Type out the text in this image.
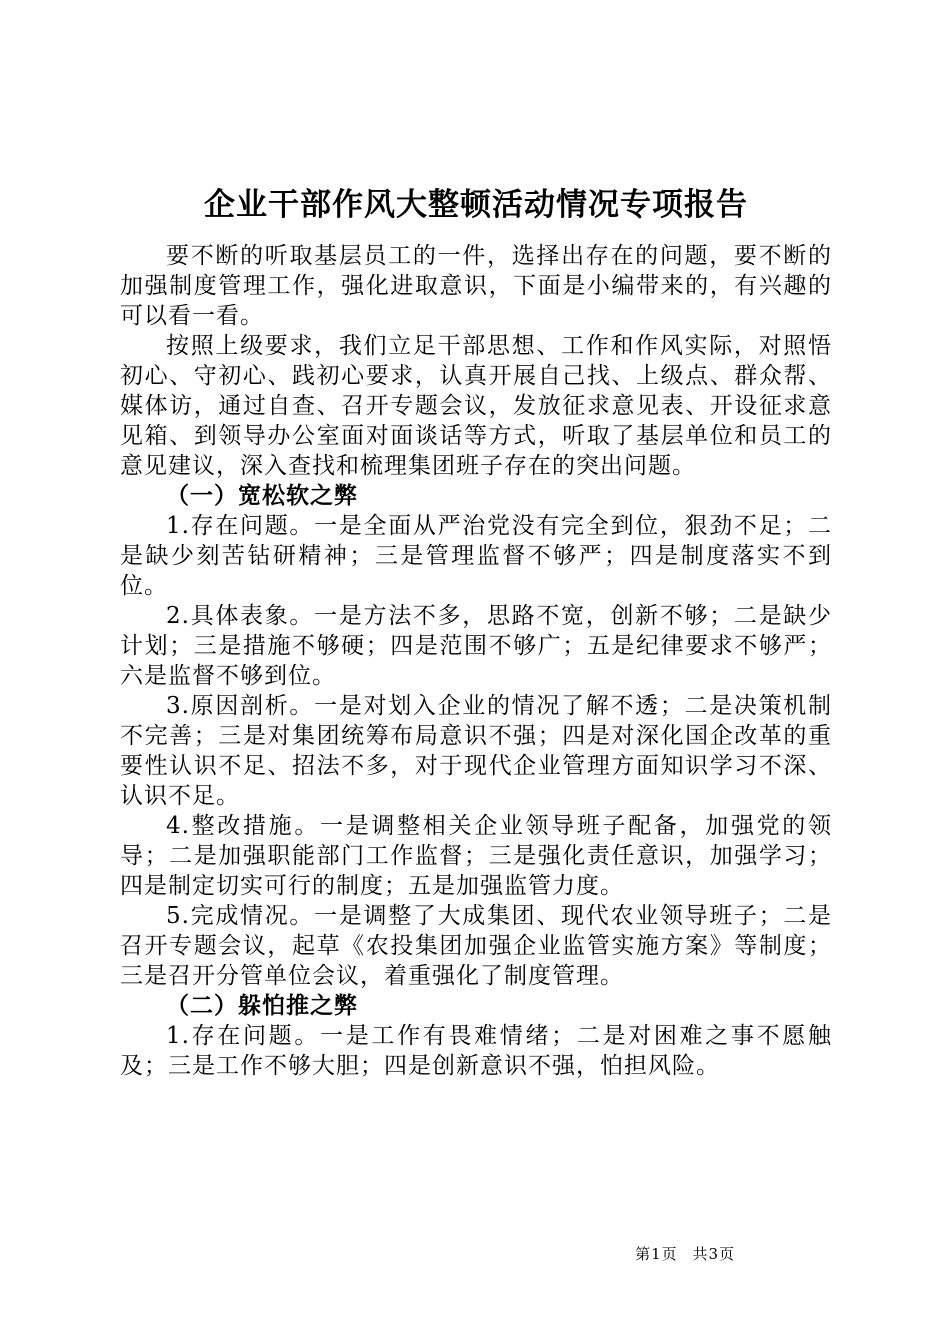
企业干部作风大整顿活动情况专项报告

要不断的听取基层员工的一件，选择出存在的问题，要不断的加强制度管理工作，强化进取意识，下面是小编带来的，有兴趣的可以看一看。

按照上级要求，我们立足干部思想、工作和作风实际，对照悟初心、守初心、践初心要求，认真开展自己找、上级点、群众帮、媒体访，通过自查、召开专题会议，发放征求意见表、开设征求意见箱、到领导办公室面对面谈话等方式，听取了基层单位和员工的意见建议，深入查找和梳理集团班子存在的突出问题。

（一）宽松软之弊

1.存在问题。一是全面从严治党没有完全到位，狠劲不足；二是缺少刻苦钻研精神；三是管理监督不够严；四是制度落实不到位。

2.具体表象。一是方法不多，思路不宽，创新不够；二是缺少计划；三是措施不够硬；四是范围不够广；五是纪律要求不够严；六是监督不够到位。

3.原因剖析。一是对划入企业的情况了解不透；二是决策机制不完善；三是对集团统筹布局意识不强；四是对深化国企改革的重要性认识不足、招法不多，对于现代企业管理方面知识学习不深、认识不足。

4.整改措施。一是调整相关企业领导班子配备，加强党的领导；二是加强职能部门工作监督；三是强化责任意识，加强学习；四是制定切实可行的制度；五是加强监管力度。

5.完成情况。一是调整了大成集团、现代农业领导班子；二是召开专题会议，起草《农投集团加强企业监管实施方案》等制度；三是召开分管单位会议，着重强化了制度管理。

（二）躲怕推之弊

1.存在问题。一是工作有畏难情绪；二是对困难之事不愿触及；三是工作不够大胆；四是创新意识不强，怕担风险。

第1页 共3页
